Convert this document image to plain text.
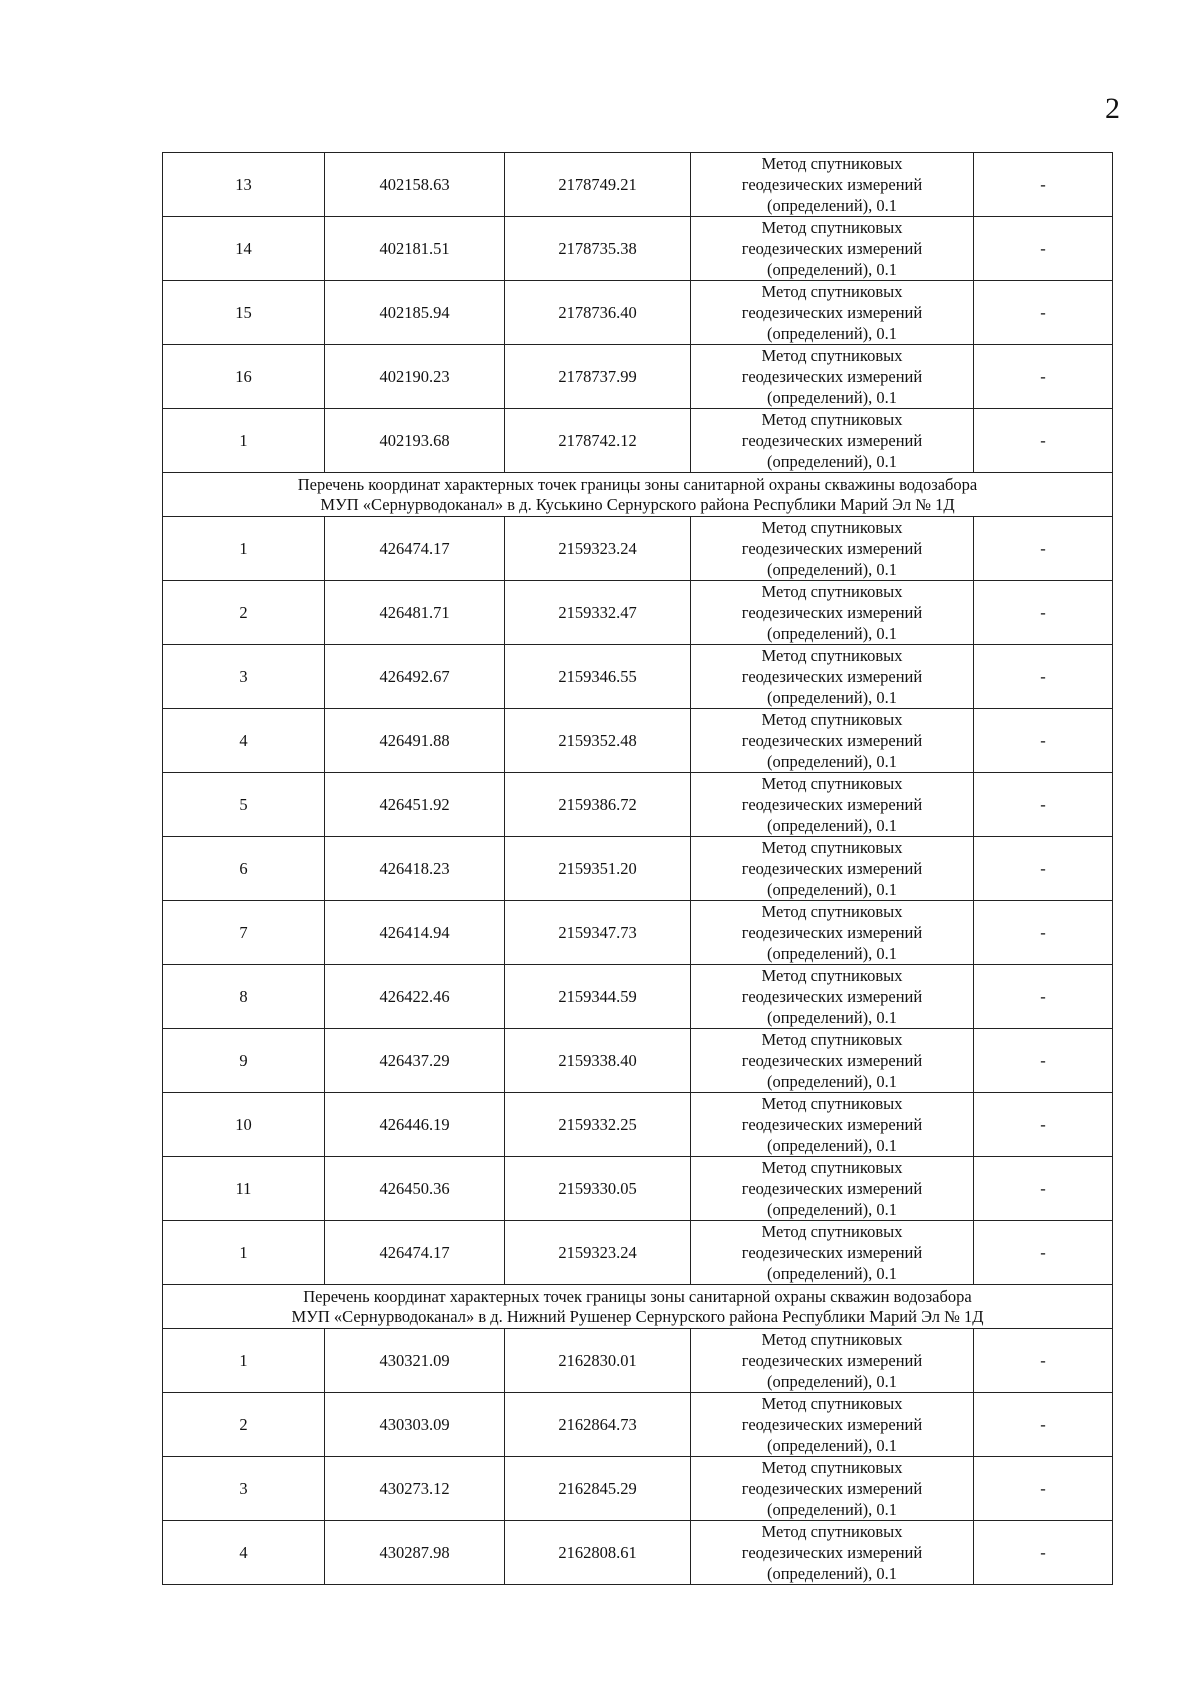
2
13	402158.63	2178749.21	Метод спутниковых
геодезических измерений
(определений), 0.1	-
14	402181.51	2178735.38	Метод спутниковых
геодезических измерений
(определений), 0.1	-
15	402185.94	2178736.40	Метод спутниковых
геодезических измерений
(определений), 0.1	-
16	402190.23	2178737.99	Метод спутниковых
геодезических измерений
(определений), 0.1	-
1	402193.68	2178742.12	Метод спутниковых
геодезических измерений
(определений), 0.1	-

Перечень координат характерных точек границы зоны санитарной охраны скважины водозабора
МУП «Сернурводоканал» в д. Куськино Сернурского района Республики Марий Эл № 1Д				

1	426474.17	2159323.24	Метод спутниковых
геодезических измерений
(определений), 0.1	-
2	426481.71	2159332.47	Метод спутниковых
геодезических измерений
(определений), 0.1	-
3	426492.67	2159346.55	Метод спутниковых
геодезических измерений
(определений), 0.1	-
4	426491.88	2159352.48	Метод спутниковых
геодезических измерений
(определений), 0.1	-
5	426451.92	2159386.72	Метод спутниковых
геодезических измерений
(определений), 0.1	-
6	426418.23	2159351.20	Метод спутниковых
геодезических измерений
(определений), 0.1	-
7	426414.94	2159347.73	Метод спутниковых
геодезических измерений
(определений), 0.1	-
8	426422.46	2159344.59	Метод спутниковых
геодезических измерений
(определений), 0.1	-
9	426437.29	2159338.40	Метод спутниковых
геодезических измерений
(определений), 0.1	-
10	426446.19	2159332.25	Метод спутниковых
геодезических измерений
(определений), 0.1	-
11	426450.36	2159330.05	Метод спутниковых
геодезических измерений
(определений), 0.1	-
1	426474.17	2159323.24	Метод спутниковых
геодезических измерений
(определений), 0.1	-

Перечень координат характерных точек границы зоны санитарной охраны скважин водозабора
МУП «Сернурводоканал» в д. Нижний Рушенер Сернурского района Республики Марий Эл № 1Д				

1	430321.09	2162830.01	Метод спутниковых
геодезических измерений
(определений), 0.1	-
2	430303.09	2162864.73	Метод спутниковых
геодезических измерений
(определений), 0.1	-
3	430273.12	2162845.29	Метод спутниковых
геодезических измерений
(определений), 0.1	-
4	430287.98	2162808.61	Метод спутниковых
геодезических измерений
(определений), 0.1	-
